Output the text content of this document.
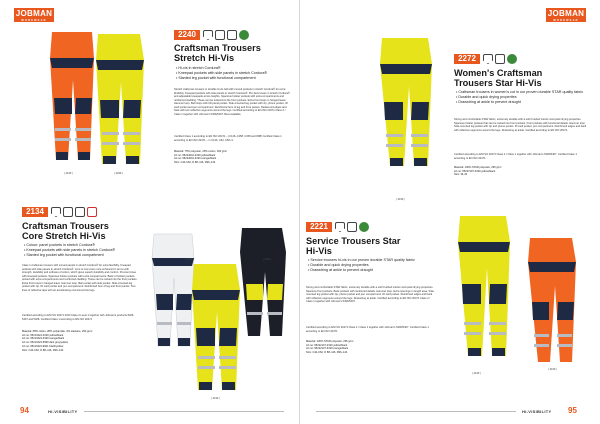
JOBMAN
WORKWEAR
( 2199 )	( 2299 )
2240
Craftsman Trousers
Stretch Hi-Vis
• Hi-vis in stretch Cordura®
• Kneepad pockets with side panels in stretch Cordura®
• Slanted leg pocket with functional compartment
Stretch craftsman trousers in durable hi-vis twill with curved pockets in stretch Cordura® for extra flexibility. Kneepad pockets with side panels in stretch Cordura®. Pre-bent knees in stretch Cordura® and adjustable kneepads at two heights. Spacious holster pockets with extra compartments and reinforced cladding. These can be tucked into the front pockets. Extra front loops in hanged leave. Hammer loop. Belt loops with full panel pocket. Side-mounted leg pocket with zip, phone pocket, ID card pocket and pen compartment. Reinforced hem of leg and front panels. Redeemed edges and back with two reflective segments around the legs. Certified according to EN ISO 20471 Class 2 / Class 1 together with Jobman's 5406/5407. Best available.
Certified Class 1 according to EN ISO 20471 – (C146–C158, C158 and D88) Certified Class 1 according to EN ISO 20471 – in C146, C64, C50 cc
Material: 75% polyester, 25% cotton, 300 g/m²
Art.no: 65224042-2199 yellow/black
Art.no: 65224042-2199 orange/black
Size: C44-C62, D 88–116, D96–124
2134
Craftsman Trousers
Core Stretch Hi-Vis
• Colour: panel pockets in stretch Cordura®
• Kneepad pockets with side panels in stretch Cordura®
• Slanted leg pocket with functional compartment
Class 1 craftsman trousers with curved panels in stretch Cordura® for extra flexibility. Kneepad pockets with side panels in stretch Cordura®. Core is now even more enhanced in terms with strength, durability and softness of cotton, which gives superb durability and comfort. Pre-bent knee with kneepad pockets. Spacious holster pockets with extra compartments. Bank of holster pockets tucked with extra compartments and reinforced cladding. These can be tucked into the front pockets. Extra front loops in hanged leave. Hammer loop. Belt pocket with side pocket. Side-mounted leg pocket with zip. ID card pocket and pen compartment. Reinforced hem of leg and front panels. Two lines of reflective tape with an accelerating end around the legs.
Certified according to EN ISO 20471 2010 Class 2 Level 1 together with Jobman's products 5406, 5407 and 5408. Certified Class 1 according to EN ISO 20471
Material: 68% cotton, 28% polyamide, 4% elastane, 290 g/m²
Art.no: 65213424-2199 yellow/black
Art.no: 65213424-3199 orange/black
Art.no: 65213424-6599 dark grey/yellow
Art.no: 65213424-9921 black/yellow
Size: C44-C62, D 88–116, D96–124
( 6521 )	( 9921 )
( 2199 )
94	HI-VISIBILITY
JOBMAN
WORKWEAR
( 2199 )
2272
Women's Craftsman
Trousers Star Hi-Vis
• Craftsman trousers in women's cut in our proven durable STAR quality fabric
• Durable and quick drying properties
• Drawstring at ankle to prevent draught
Strong and comfortable STAR fabric, extremely durable with a soft brushed interior and quick drying properties. Spacious holster pockets that can be tucked into front pockets. Front pockets with functional details. Hammer loop. Side-mounted leg pocket with zip and phone pocket. ID card pocket, pen compartment. Reinforced edges and back with reflective segments around the legs. Drawstring at ankle. Certified according to EN ISO 20471.
Certified according to EN ISO 20471 Class 2 / Class 1 together with Jobman's 5406/5407. Certified Class 1 according to EN ISO 20471
Material: 100% STAR polyester, 295 g/m²
Art.no: 65227207-2199 yellow/black
Size: 34-44
2221
Service Trousers Star
Hi-Vis
• Service trousers hi-vis in our proven durable STAR quality fabric
• Durable and quick drying properties
• Drawstring at ankle to prevent draught
Strong and comfortable STAR fabric, extremely durable with a soft brushed interior and quick drying properties. Spacious front pockets. Back pockets with reinforced details. Hammer loop. Extra openings in length area. Side-mounted leg pocket with zip, phone pocket and pen compartment. ID card pocket. Reinforced edges and back with reflective segments around the legs. Drawstring at ankle. Certified according to EN ISO 20471 Class 2 / Class 1 together with Jobman's 5406/5407.
Certified according to EN ISO 20471 Class 2 / Class 1 together with Jobman's 5406/5407. Certified Class 1 according to EN ISO 20471
Material: 100% STAR polyester, 295 g/m²
Art.no: 65222107-2199 yellow/black
Art.no: 65222107-3199 orange/black
Size: C44-C62, D 88–116, D96–124
( 2199 )
( 3199 )
HI-VISIBILITY 95
